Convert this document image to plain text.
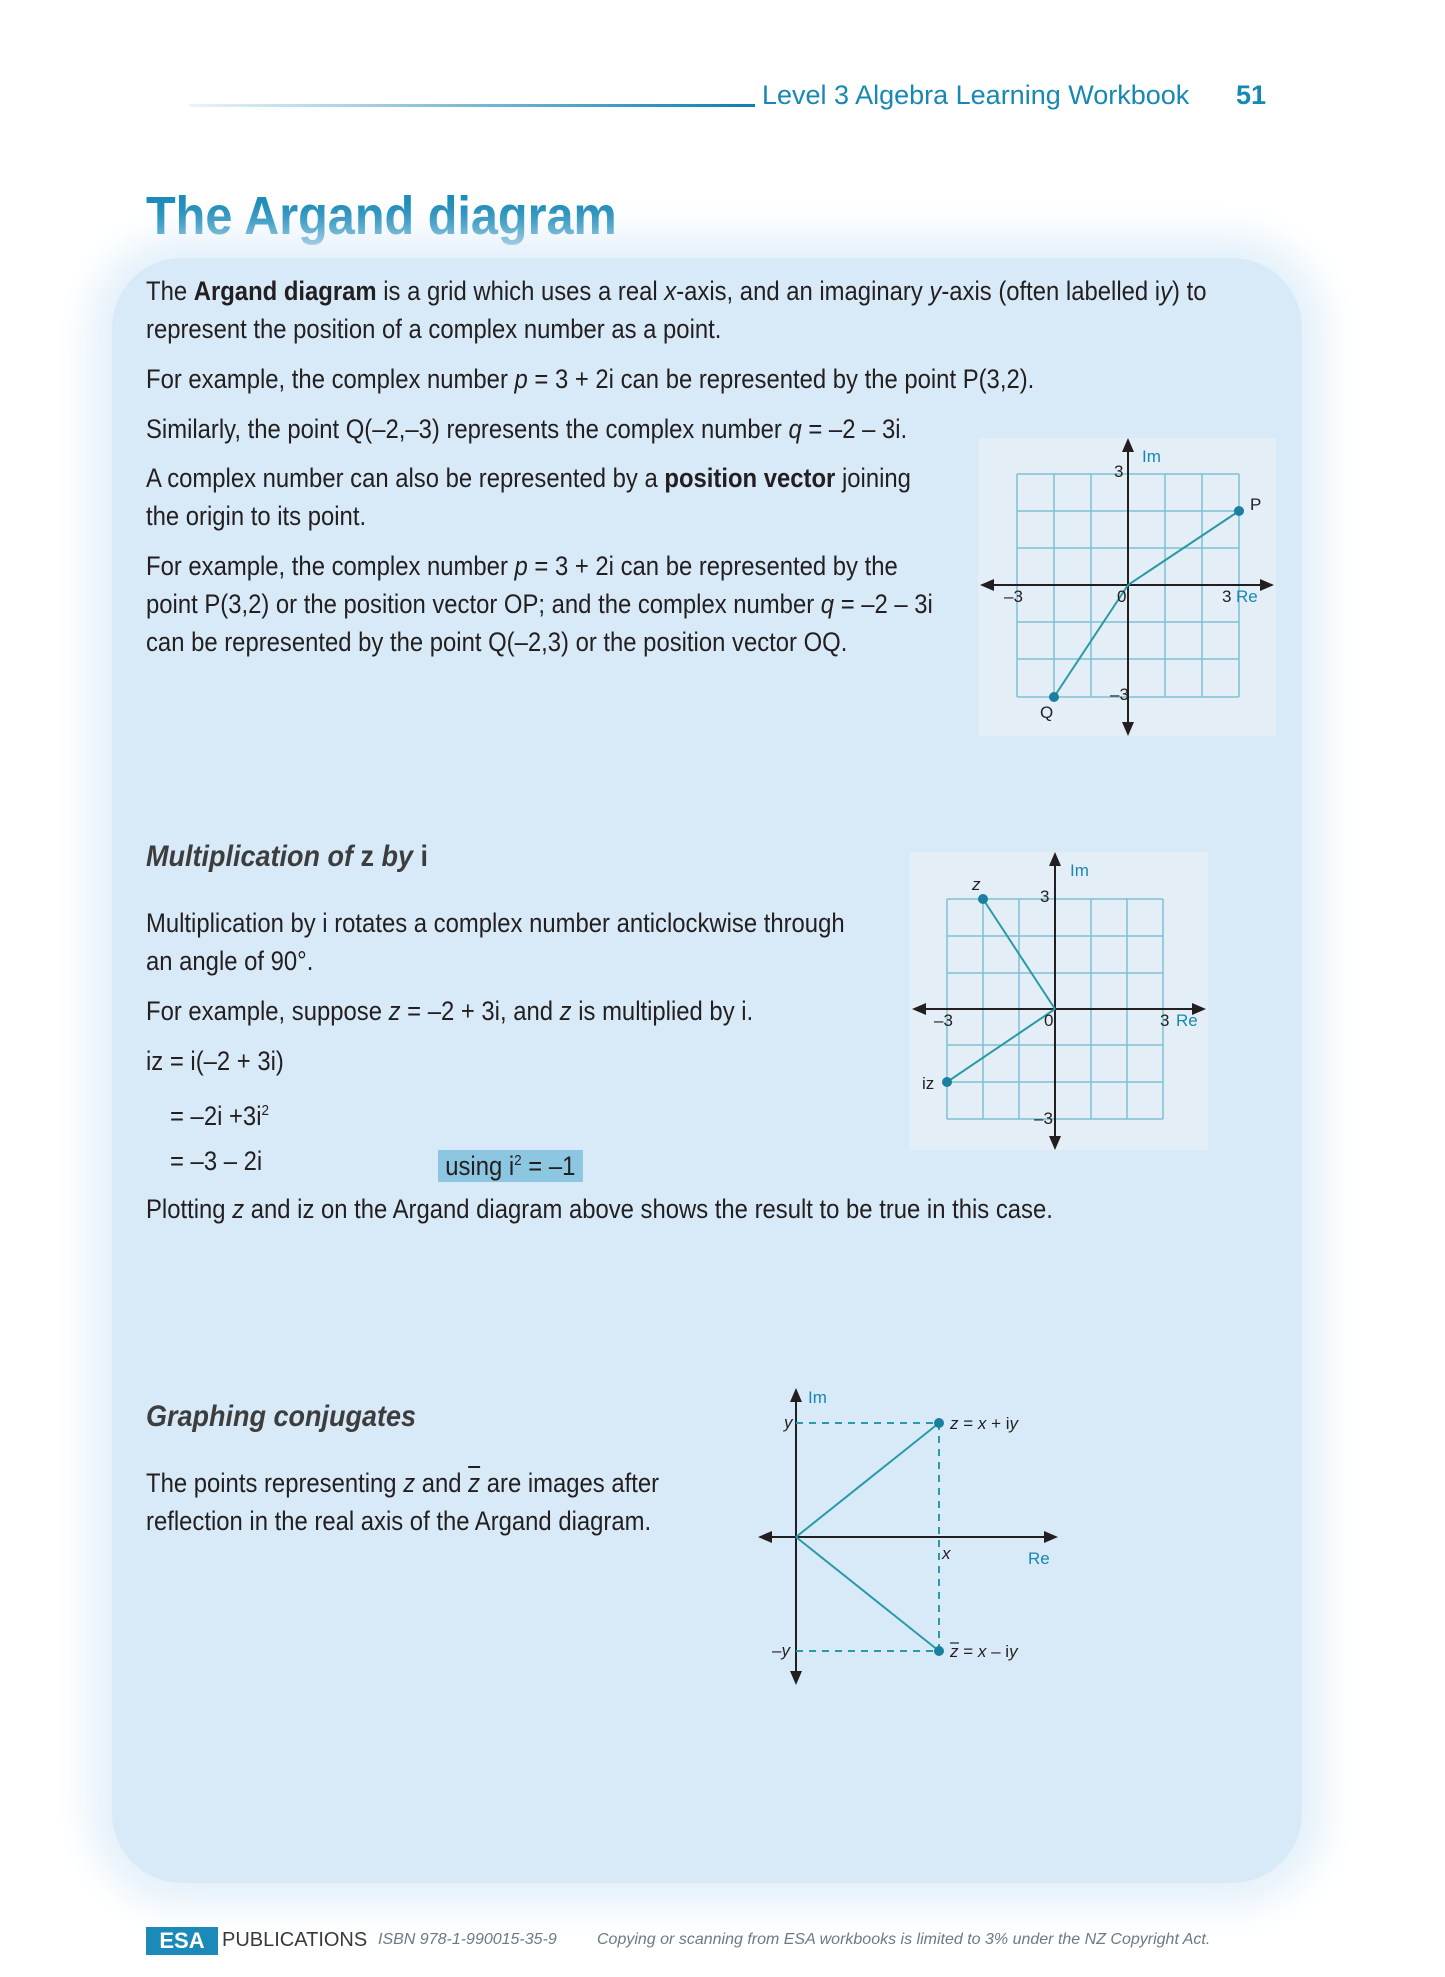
Level 3 Algebra Learning Workbook 51
The Argand diagram

The Argand diagram is a grid which uses a real x-axis, and an imaginary y-axis (often labelled iy) to

represent the position of a complex number as a point.

For example, the complex number p = 3 + 2i can be represented by the point P(3,2).

Similarly, the point Q(–2,–3) represents the complex number q = –2 – 3i.

A complex number can also be represented by a position vector joining

the origin to its point.

For example, the complex number p = 3 + 2i can be represented by the

point P(3,2) or the position vector OP; and the complex number q = –2 – 3i

can be represented by the point Q(–2,3) or the position vector OQ.

Im
Re
3
–3
3
–3	0
P
Q

Multiplication of z by i

Multiplication by i rotates a complex number anticlockwise through

an angle of 90°.

For example, suppose z = –2 + 3i, and z is multiplied by i.

iz = i(–2 + 3i)

= $-2i +3i^2$

= –3 – 2i	using $i^2 = -1$

Plotting z and iz on the Argand diagram above shows the result to be true in this case.

Im
Re
3
–3
3
–3	0
z
iz

Graphing conjugates

The points representing z and $\overline{z}$ are images after

reflection in the real axis of the Argand diagram.

Im
Re
y
–y
x
z = x + iy
z = x – iy
ESA PUBLICATIONS ISBN 978-1-990015-35-9	Copying or scanning from ESA workbooks is limited to 3% under the NZ Copyright Act.
